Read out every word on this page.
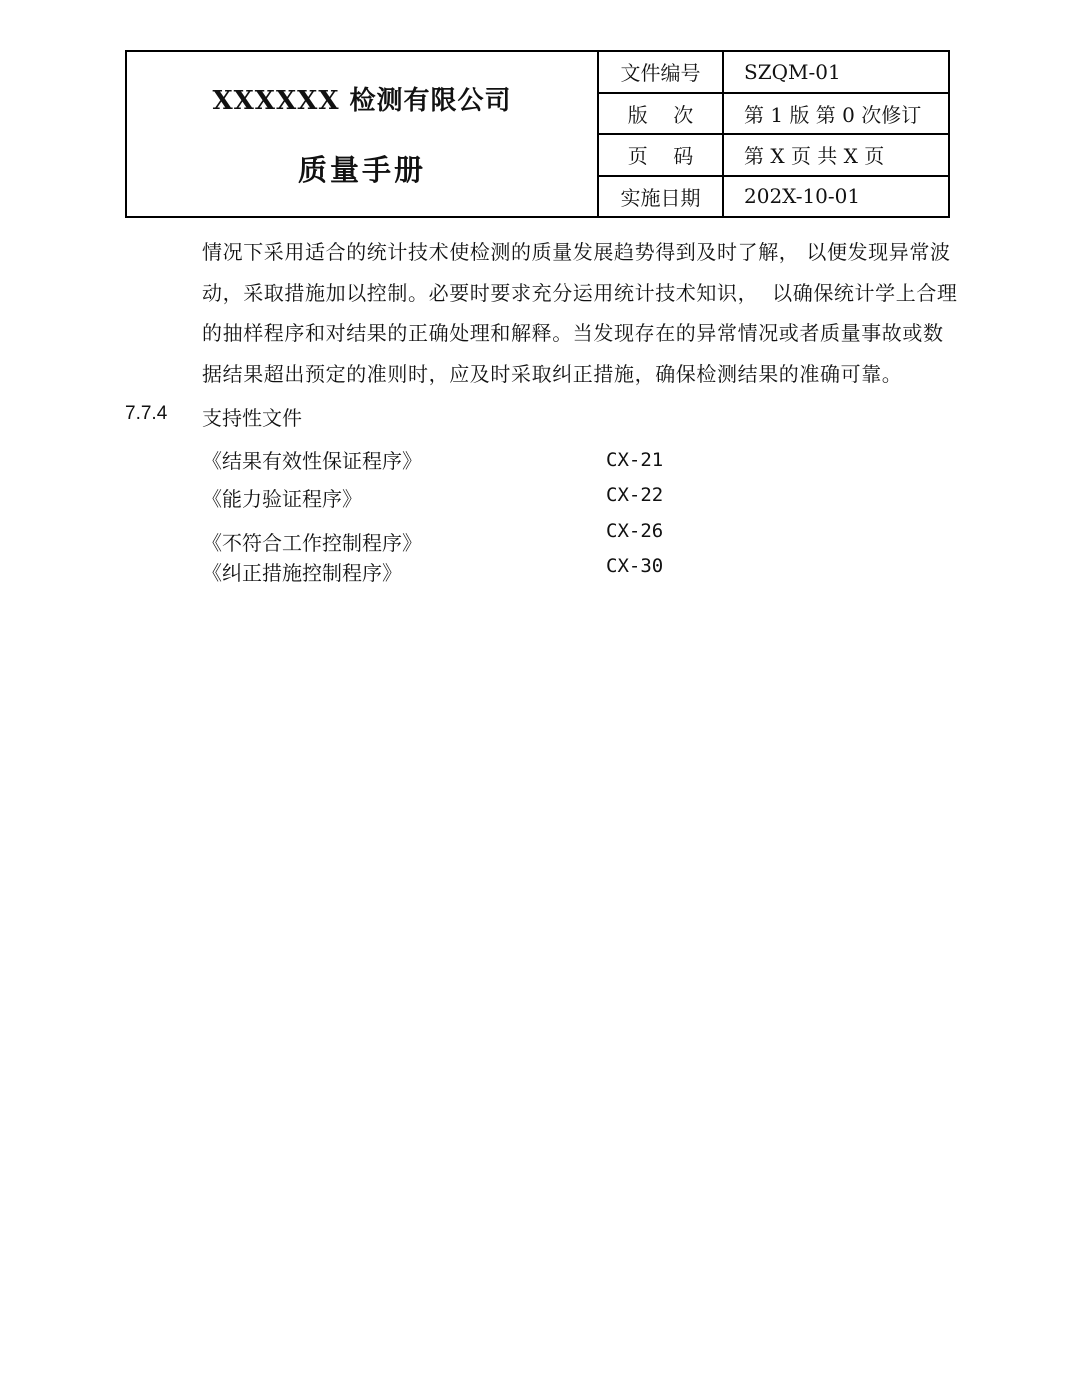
XXXXXX 检测有限公司
质量手册
文件编号	SZQM-01
版    次	第 1 版 第 0 次修订
页    码	第 X 页 共 X 页
实施日期	202X-10-01
情况下采用适合的统计技术使检测的质量发展趋势得到及时了解， 以便发现异常波
动，采取措施加以控制。必要时要求充分运用统计技术知识，  以确保统计学上合理
的抽样程序和对结果的正确处理和解释。当发现存在的异常情况或者质量事故或数
据结果超出预定的准则时，应及时采取纠正措施，确保检测结果的准确可靠。
7.7.4 支持性文件
《结果有效性保证程序》	CX-21
《能力验证程序》	CX-22
《不符合工作控制程序》	CX-26
《纠正措施控制程序》	CX-30
